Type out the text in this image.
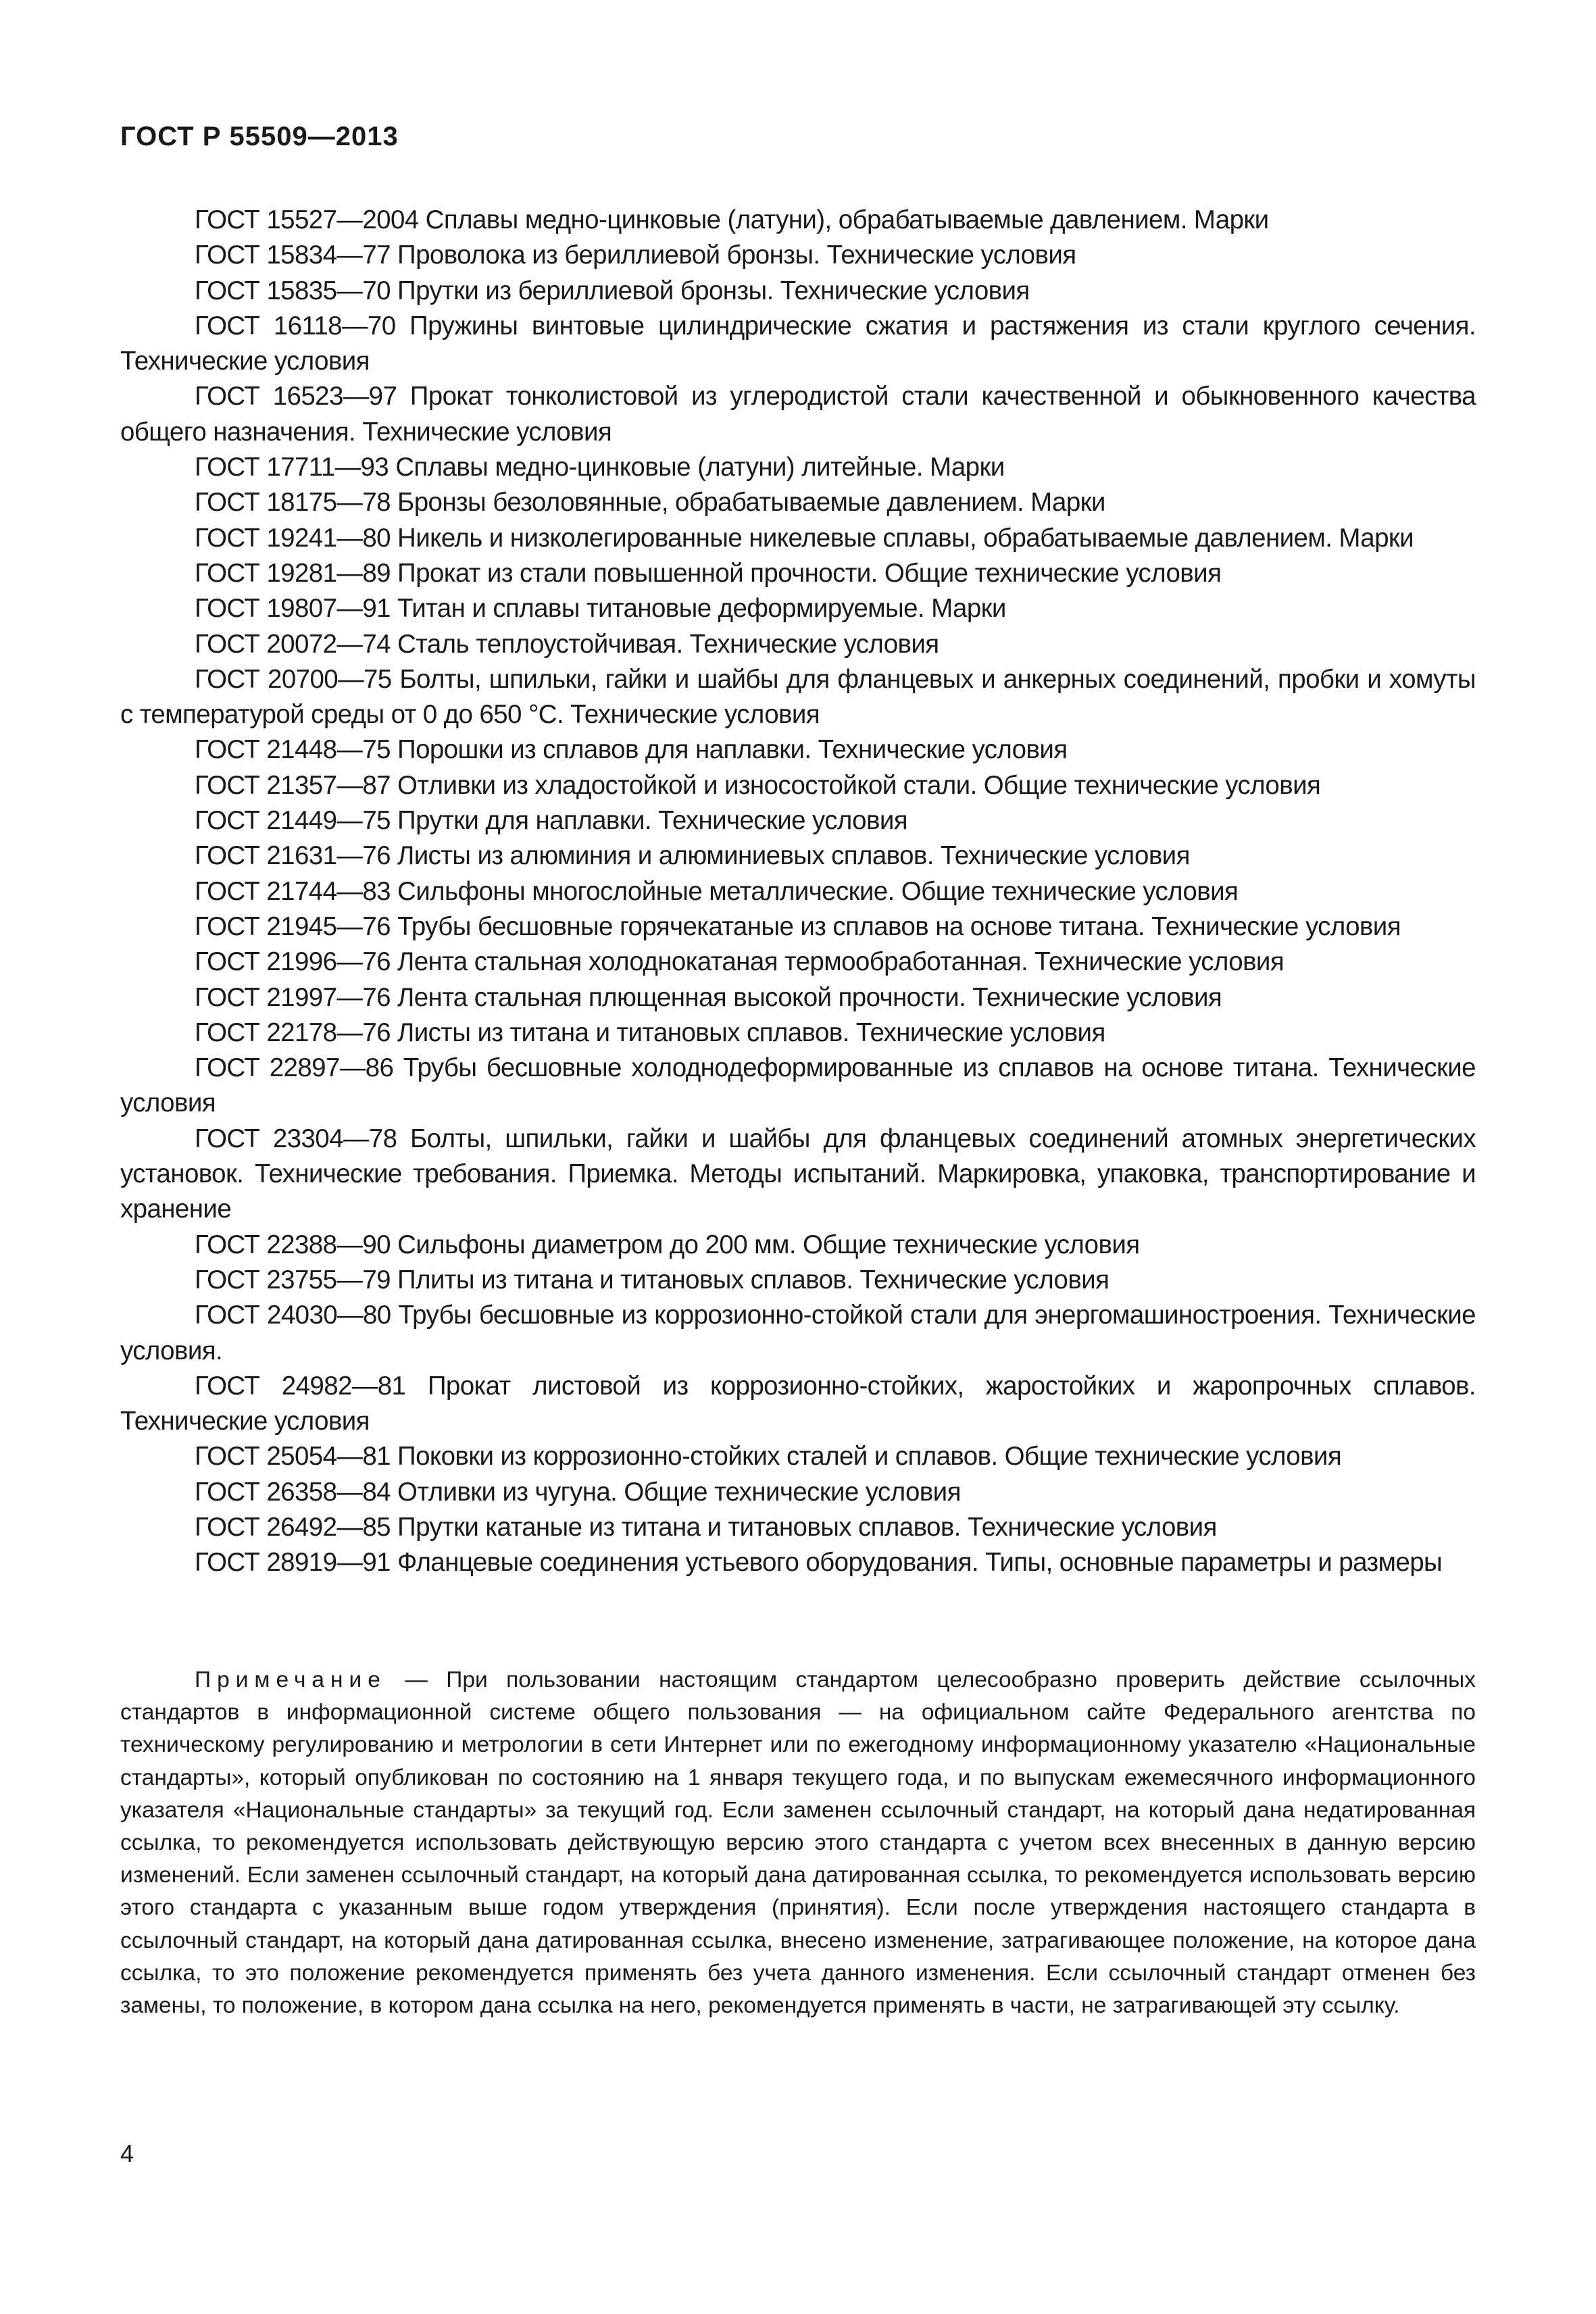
ГОСТ Р 55509—2013

ГОСТ 15527—2004 Сплавы медно-цинковые (латуни), обрабатываемые давлением. Марки

ГОСТ 15834—77 Проволока из бериллиевой бронзы. Технические условия

ГОСТ 15835—70 Прутки из бериллиевой бронзы. Технические условия

ГОСТ 16118—70 Пружины винтовые цилиндрические сжатия и растяжения из стали круглого сечения. Технические условия

ГОСТ 16523—97 Прокат тонколистовой из углеродистой стали качественной и обыкновенного качества общего назначения. Технические условия

ГОСТ 17711—93 Сплавы медно-цинковые (латуни) литейные. Марки

ГОСТ 18175—78 Бронзы безоловянные, обрабатываемые давлением. Марки

ГОСТ 19241—80 Никель и низколегированные никелевые сплавы, обрабатываемые давлением. Марки

ГОСТ 19281—89 Прокат из стали повышенной прочности. Общие технические условия

ГОСТ 19807—91 Титан и сплавы титановые деформируемые. Марки

ГОСТ 20072—74 Сталь теплоустойчивая. Технические условия

ГОСТ 20700—75 Болты, шпильки, гайки и шайбы для фланцевых и анкерных соединений, пробки и хомуты с температурой среды от 0 до 650 °С. Технические условия

ГОСТ 21448—75 Порошки из сплавов для наплавки. Технические условия

ГОСТ 21357—87 Отливки из хладостойкой и износостойкой стали. Общие технические условия

ГОСТ 21449—75 Прутки для наплавки. Технические условия

ГОСТ 21631—76 Листы из алюминия и алюминиевых сплавов. Технические условия

ГОСТ 21744—83 Сильфоны многослойные металлические. Общие технические условия

ГОСТ 21945—76 Трубы бесшовные горячекатаные из сплавов на основе титана. Технические условия

ГОСТ 21996—76 Лента стальная холоднокатаная термообработанная. Технические условия

ГОСТ 21997—76 Лента стальная плющенная высокой прочности. Технические условия

ГОСТ 22178—76 Листы из титана и титановых сплавов. Технические условия

ГОСТ 22897—86 Трубы бесшовные холоднодеформированные из сплавов на основе титана. Технические условия

ГОСТ 23304—78 Болты, шпильки, гайки и шайбы для фланцевых соединений атомных энергетических установок. Технические требования. Приемка. Методы испытаний. Маркировка, упаковка, транспортирование и хранение

ГОСТ 22388—90 Сильфоны диаметром до 200 мм. Общие технические условия

ГОСТ 23755—79 Плиты из титана и титановых сплавов. Технические условия

ГОСТ 24030—80 Трубы бесшовные из коррозионно-стойкой стали для энергомашиностроения. Технические условия.

ГОСТ 24982—81 Прокат листовой из коррозионно-стойких, жаростойких и жаропрочных сплавов. Технические условия

ГОСТ 25054—81 Поковки из коррозионно-стойких сталей и сплавов. Общие технические условия

ГОСТ 26358—84 Отливки из чугуна. Общие технические условия

ГОСТ 26492—85 Прутки катаные из титана и титановых сплавов. Технические условия

ГОСТ 28919—91 Фланцевые соединения устьевого оборудования. Типы, основные параметры и размеры

Примечание — При пользовании настоящим стандартом целесообразно проверить действие ссылочных стандартов в информационной системе общего пользования — на официальном сайте Федерального агентства по техническому регулированию и метрологии в сети Интернет или по ежегодному информационному указателю «Национальные стандарты», который опубликован по состоянию на 1 января текущего года, и по выпускам ежемесячного информационного указателя «Национальные стандарты» за текущий год. Если заменен ссылочный стандарт, на который дана недатированная ссылка, то рекомендуется использовать действующую версию этого стандарта с учетом всех внесенных в данную версию изменений. Если заменен ссылочный стандарт, на который дана датированная ссылка, то рекомендуется использовать версию этого стандарта с указанным выше годом утверждения (принятия). Если после утверждения настоящего стандарта в ссылочный стандарт, на который дана датированная ссылка, внесено изменение, затрагивающее положение, на которое дана ссылка, то это положение рекомендуется применять без учета данного изменения. Если ссылочный стандарт отменен без замены, то положение, в котором дана ссылка на него, рекомендуется применять в части, не затрагивающей эту ссылку.

4
